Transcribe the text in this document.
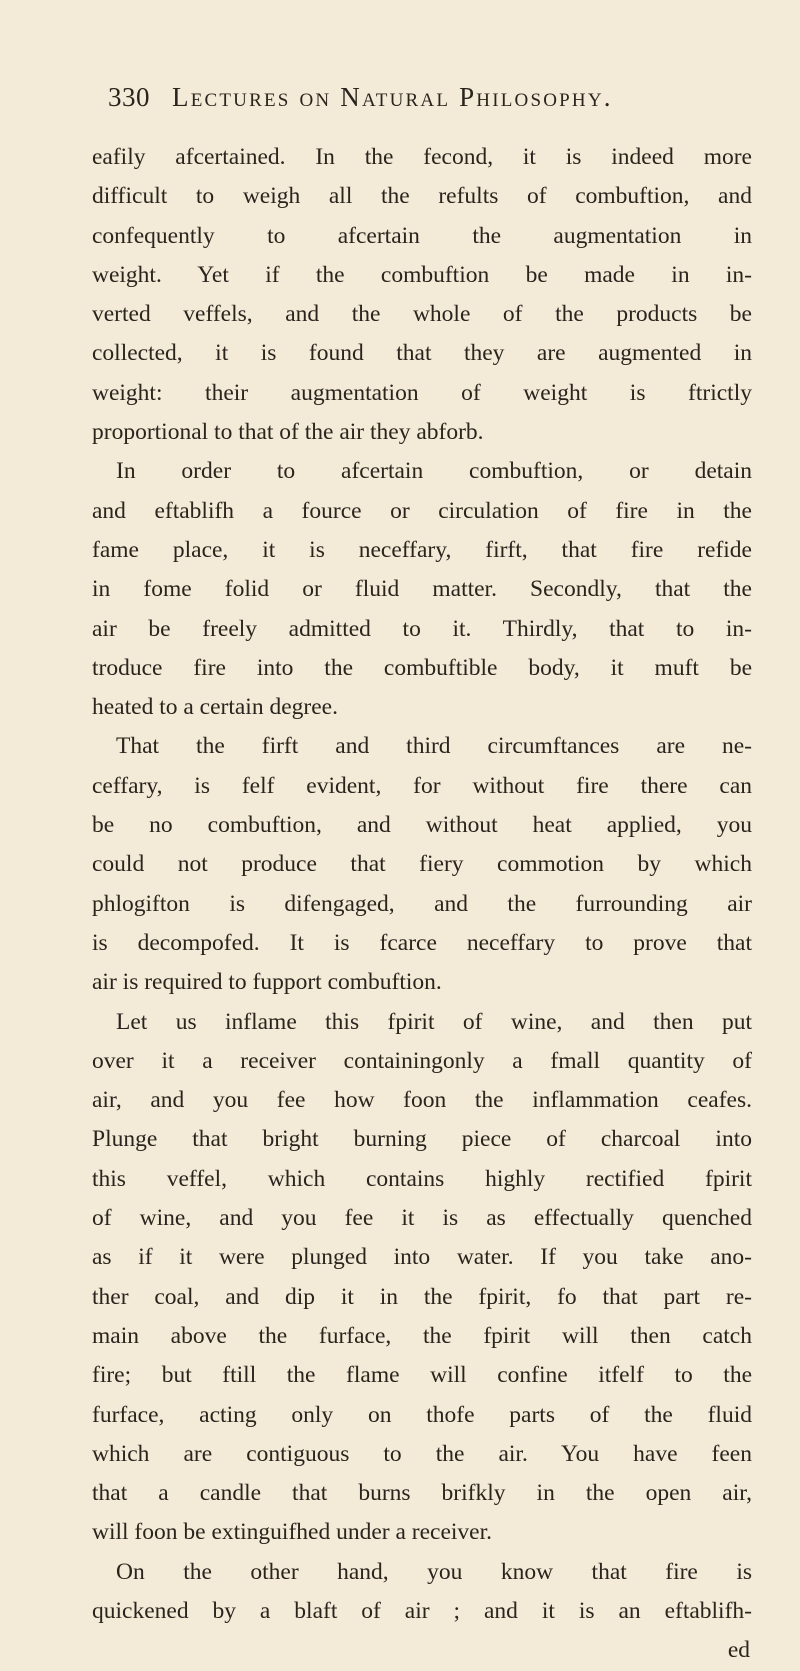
330 Lectures on Natural Philosophy.
eafily afcertained. In the fecond, it is indeed more
difficult to weigh all the refults of combuftion, and
confequently to afcertain the augmentation in
weight. Yet if the combuftion be made in in-
verted veffels, and the whole of the products be
collected, it is found that they are augmented in
weight: their augmentation of weight is ftrictly
proportional to that of the air they abforb.
In order to afcertain combuftion, or detain
and eftablifh a fource or circulation of fire in the
fame place, it is neceffary, firft, that fire refide
in fome folid or fluid matter. Secondly, that the
air be freely admitted to it. Thirdly, that to in-
troduce fire into the combuftible body, it muft be
heated to a certain degree.
That the firft and third circumftances are ne-
ceffary, is felf evident, for without fire there can
be no combuftion, and without heat applied, you
could not produce that fiery commotion by which
phlogifton is difengaged, and the furrounding air
is decompofed. It is fcarce neceffary to prove that
air is required to fupport combuftion.
Let us inflame this fpirit of wine, and then put
over it a receiver containingonly a fmall quantity of
air, and you fee how foon the inflammation ceafes.
Plunge that bright burning piece of charcoal into
this veffel, which contains highly rectified fpirit
of wine, and you fee it is as effectually quenched
as if it were plunged into water. If you take ano-
ther coal, and dip it in the fpirit, fo that part re-
main above the furface, the fpirit will then catch
fire; but ftill the flame will confine itfelf to the
furface, acting only on thofe parts of the fluid
which are contiguous to the air. You have feen
that a candle that burns brifkly in the open air,
will foon be extinguifhed under a receiver.
On the other hand, you know that fire is
quickened by a blaft of air ; and it is an eftablifh-
ed
